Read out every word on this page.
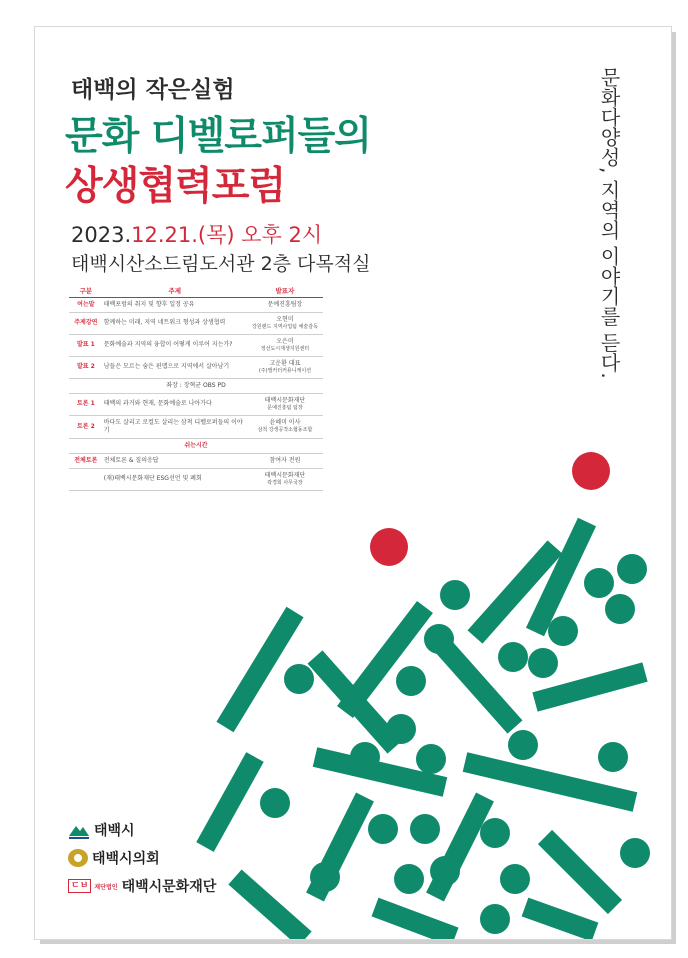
태백의 작은실험
문화 디벨로퍼들의
상생협력포럼
2023.12.21.(목) 오후 2시
태백시산소드림도서관 2층 다목적실	문화다양성, 지역의 이야기를 듣다.
구분	주제	발표자
여는말	태백포럼의 취지 및 향후 일정 공유	문예진흥팀장
주제강연	함께하는 미래, 지역 네트워크 형성과 상생협력	오현미
강원랜드 지역사업팀 예술감독

발표 1	문화예술과 지역의 융합이 어떻게 이루어 지는가?	오은미
정선도시재생지원센터

발표 2	남들은 모르는 숨은 핀맵으로 지역에서 살아남기	고운환 대표
(주)앨커터커뮤니케이션

좌장 : 장혁균 OBS PD		
토론 1	태백의 과거와 현재, 문화예술로 나아가다	태백시문화재단
문예진흥팀 팀장

토론 2	바다도 살리고 로컬도 살리는 삼척 디벨로퍼들의 이야기	윤혜미 이사
삼척 강생공작소협동조합

쉬는시간		
전체토론	전체토론 & 질의응답	참여자 전원
	(재)태백시문화재단 ESG선언 및 폐회	태백시문화재단
곽경희 사무국장
태백시
태백시의회
ㄷㅂ	재단법인 태백시문화재단
